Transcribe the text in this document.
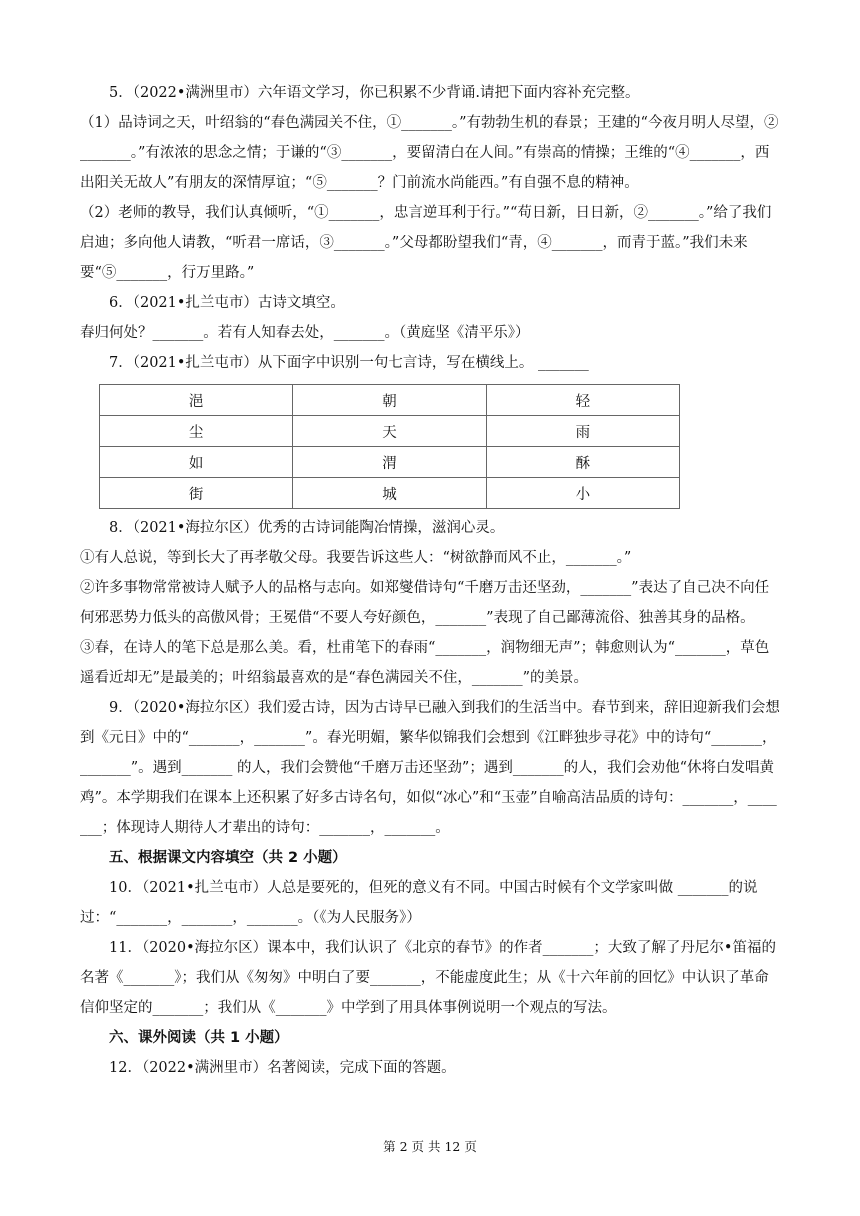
5．（2022•满洲里市）六年语文学习，你已积累不少背诵.请把下面内容补充完整。

（1）品诗词之天，叶绍翁的“春色满园关不住，①_______。”有勃勃生机的春景；王建的“今夜月明人尽望，②_______。”有浓浓的思念之情；于谦的“③_______，要留清白在人间。”有崇高的情操；王维的“④_______，西出阳关无故人”有朋友的深情厚谊；“⑤_______？门前流水尚能西。”有自强不息的精神。

（2）老师的教导，我们认真倾听，“①_______，忠言逆耳利于行。”“苟日新，日日新，②_______。”给了我们启迪；多向他人请教，“听君一席话，③_______。”父母都盼望我们“青，④_______，而青于蓝。”我们未来要“⑤_______，行万里路。”

6．（2021•扎兰屯市）古诗文填空。

春归何处？_______。若有人知春去处，_______。（黄庭坚《清平乐》）

7．（2021•扎兰屯市）从下面字中识别一句七言诗，写在横线上。 _______

浥	朝	轻
尘	天	雨
如	渭	酥
街	城	小

8．（2021•海拉尔区）优秀的古诗词能陶冶情操，滋润心灵。

①有人总说，等到长大了再孝敬父母。我要告诉这些人：“树欲静而风不止，_______。”

②许多事物常常被诗人赋予人的品格与志向。如郑燮借诗句“千磨万击还坚劲，_______”表达了自己决不向任何邪恶势力低头的高傲风骨；王冕借“不要人夸好颜色，_______”表现了自己鄙薄流俗、独善其身的品格。

③春，在诗人的笔下总是那么美。看，杜甫笔下的春雨“_______，润物细无声”；韩愈则认为“_______，草色遥看近却无”是最美的；叶绍翁最喜欢的是“春色满园关不住，_______”的美景。

9．（2020•海拉尔区）我们爱古诗，因为古诗早已融入到我们的生活当中。春节到来，辞旧迎新我们会想到《元日》中的“_______，_______”。春光明媚，繁华似锦我们会想到《江畔独步寻花》中的诗句“_______，_______”。遇到_______ 的人，我们会赞他“千磨万击还坚劲”；遇到_______的人，我们会劝他“休将白发唱黄鸡”。本学期我们在课本上还积累了好多古诗名句，如似“冰心”和“玉壶”自喻高洁品质的诗句：_______，_______；体现诗人期待人才辈出的诗句：_______，_______。

五、根据课文内容填空（共 2 小题）

10．（2021•扎兰屯市）人总是要死的，但死的意义有不同。中国古时候有个文学家叫做 _______的说过：“_______，_______，_______。（《为人民服务》）

11．（2020•海拉尔区）课本中，我们认识了《北京的春节》的作者_______；大致了解了丹尼尔•笛福的名著《_______》；我们从《匆匆》中明白了要_______，不能虚度此生；从《十六年前的回忆》中认识了革命信仰坚定的_______；我们从《_______》中学到了用具体事例说明一个观点的写法。

六、课外阅读（共 1 小题）

12．（2022•满洲里市）名著阅读，完成下面的答题。

第 2 页 共 12 页
